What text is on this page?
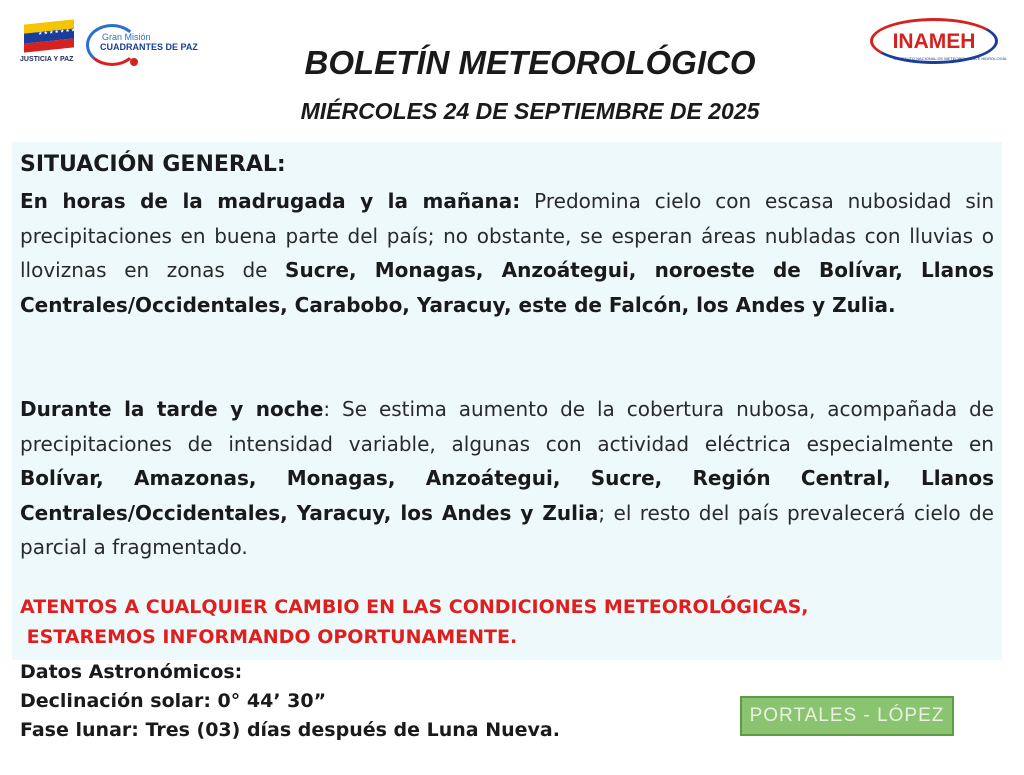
★★★★★★★★
JUSTICIA Y PAZ
Gran Misión
CUADRANTES DE PAZ	INAMEH
INSTITUTO NACIONAL DE METEOROLOGÍA E HIDROLOGÍA
BOLETÍN METEOROLÓGICO
MIÉRCOLES 24 DE SEPTIEMBRE DE 2025

SITUACIÓN GENERAL:

En horas de la madrugada y la mañana: Predomina cielo con escasa nubosidad sin precipitaciones en buena parte del país; no obstante, se esperan áreas nubladas con lluvias o lloviznas en zonas de Sucre, Monagas, Anzoátegui, noroeste de Bolívar, Llanos Centrales/Occidentales, Carabobo, Yaracuy, este de Falcón, los Andes y Zulia.

Durante la tarde y noche: Se estima aumento de la cobertura nubosa, acompañada de precipitaciones de intensidad variable, algunas con actividad eléctrica especialmente en Bolívar, Amazonas, Monagas, Anzoátegui, Sucre, Región Central, Llanos Centrales/Occidentales, Yaracuy, los Andes y Zulia; el resto del país prevalecerá cielo de parcial a fragmentado.

ATENTOS A CUALQUIER CAMBIO EN LAS CONDICIONES METEOROLÓGICAS,
ESTAREMOS INFORMANDO OPORTUNAMENTE.
Datos Astronómicos:
Declinación solar: 0° 44’ 30”
Fase lunar: Tres (03) días después de Luna Nueva.
PORTALES - LÓPEZ
